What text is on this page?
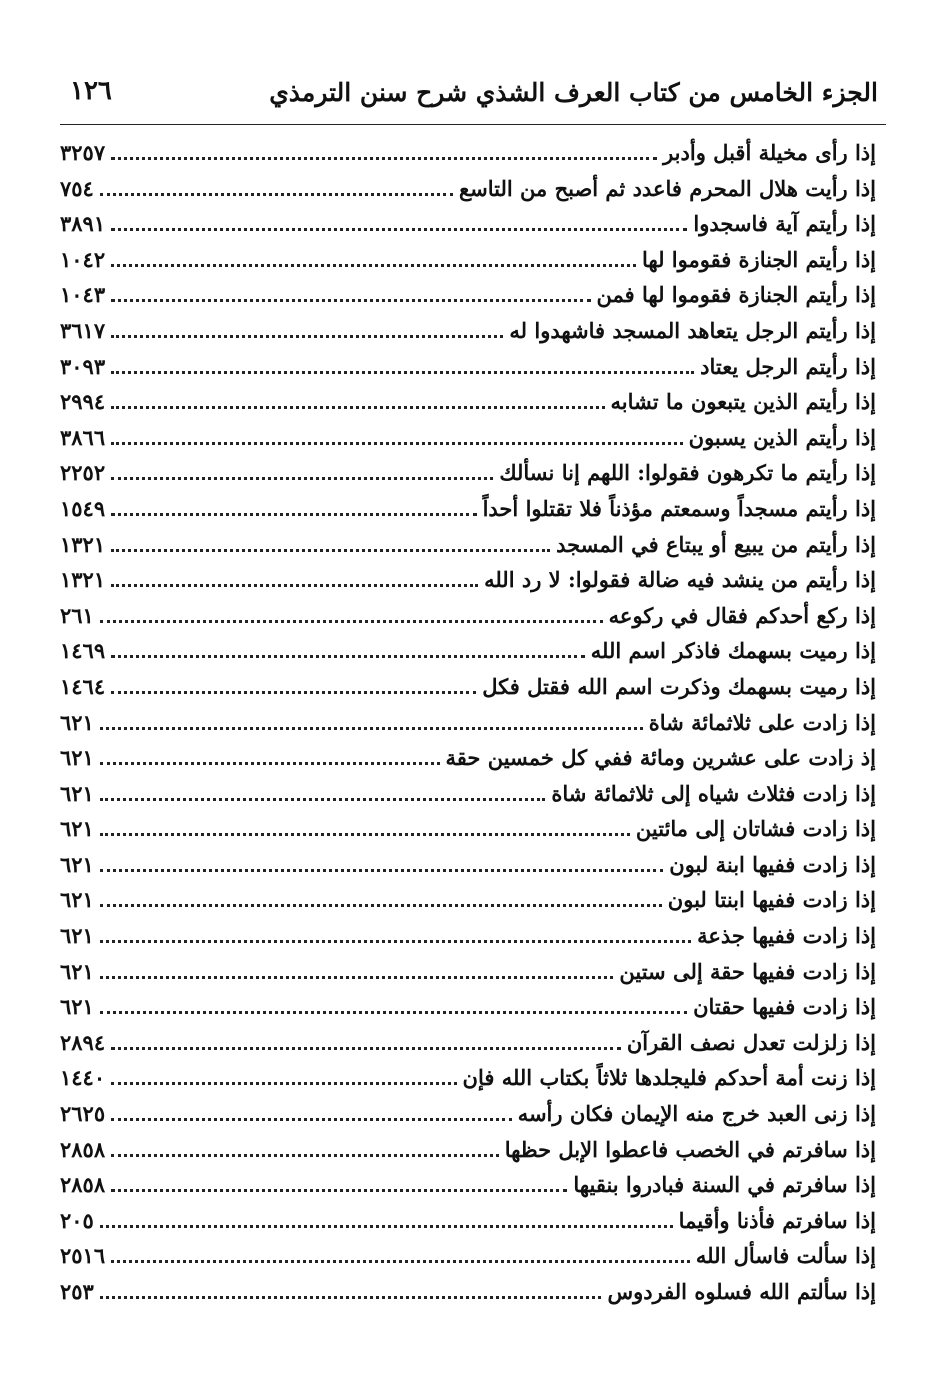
الجزء الخامس من كتاب العرف الشذي شرح سنن الترمذي
١٢٦
إذا رأى مخيلة أقبل وأدبر
٣٢٥٧
إذا رأيت هلال المحرم فاعدد ثم أصبح من التاسع
٧٥٤
إذا رأيتم آية فاسجدوا
٣٨٩١
إذا رأيتم الجنازة فقوموا لها
١٠٤٢
إذا رأيتم الجنازة فقوموا لها فمن
١٠٤٣
إذا رأيتم الرجل يتعاهد المسجد فاشهدوا له
٣٦١٧
إذا رأيتم الرجل يعتاد
٣٠٩٣
إذا رأيتم الذين يتبعون ما تشابه
٢٩٩٤
إذا رأيتم الذين يسبون
٣٨٦٦
إذا رأيتم ما تكرهون فقولوا: اللهم إنا نسألك
٢٢٥٢
إذا رأيتم مسجداً وسمعتم مؤذناً فلا تقتلوا أحداً
١٥٤٩
إذا رأيتم من يبيع أو يبتاع في المسجد
١٣٢١
إذا رأيتم من ينشد فيه ضالة فقولوا: لا رد الله
١٣٢١
إذا ركع أحدكم فقال في ركوعه
٢٦١
إذا رميت بسهمك فاذكر اسم الله
١٤٦٩
إذا رميت بسهمك وذكرت اسم الله فقتل فكل
١٤٦٤
إذا زادت على ثلاثمائة شاة
٦٢١
إذ زادت على عشرين ومائة ففي كل خمسين حقة
٦٢١
إذا زادت فثلاث شياه إلى ثلاثمائة شاة
٦٢١
إذا زادت فشاتان إلى مائتين
٦٢١
إذا زادت ففيها ابنة لبون
٦٢١
إذا زادت ففيها ابنتا لبون
٦٢١
إذا زادت ففيها جذعة
٦٢١
إذا زادت ففيها حقة إلى ستين
٦٢١
إذا زادت ففيها حقتان
٦٢١
إذا زلزلت تعدل نصف القرآن
٢٨٩٤
إذا زنت أمة أحدكم فليجلدها ثلاثاً بكتاب الله فإن
١٤٤٠
إذا زنى العبد خرج منه الإيمان فكان رأسه
٢٦٢٥
إذا سافرتم في الخصب فاعطوا الإبل حظها
٢٨٥٨
إذا سافرتم في السنة فبادروا بنقيها
٢٨٥٨
إذا سافرتم فأذنا وأقيما
٢٠٥
إذا سألت فاسأل الله
٢٥١٦
إذا سألتم الله فسلوه الفردوس
٢٥٣
